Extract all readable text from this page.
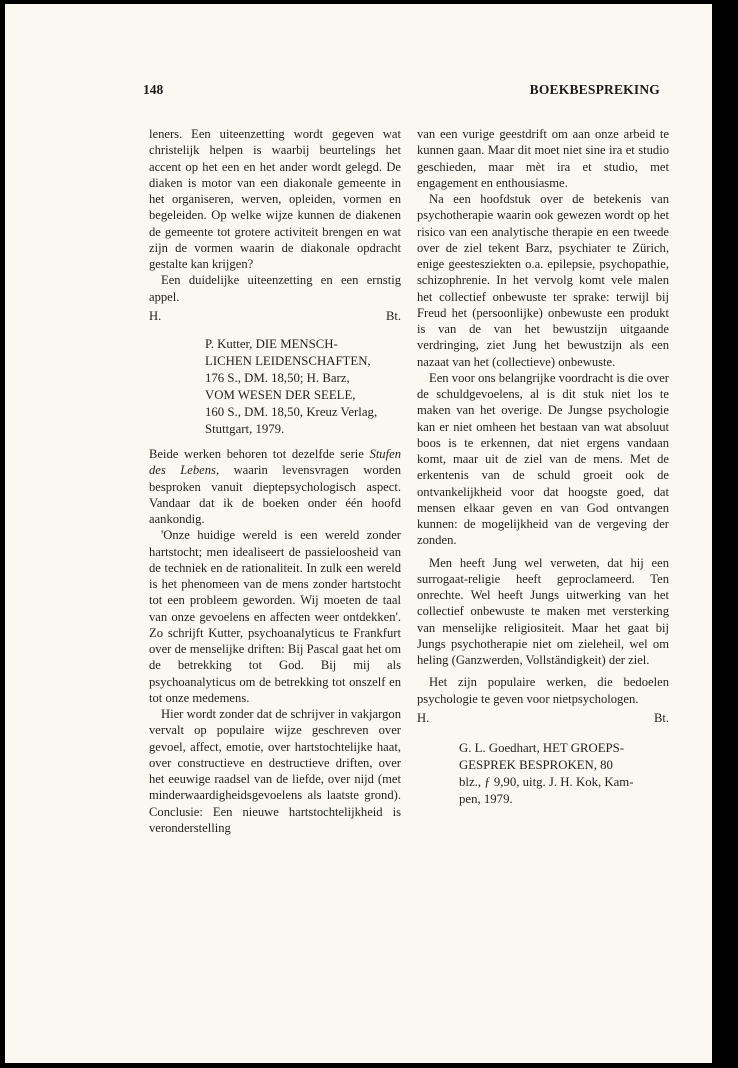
148	BOEKBESPREKING

leners. Een uiteenzetting wordt gegeven wat christelijk helpen is waarbij beurtelings het accent op het een en het ander wordt gelegd. De diaken is motor van een diakonale gemeente in het organiseren, werven, opleiden, vormen en begeleiden. Op welke wijze kunnen de diakenen de gemeente tot grotere activiteit brengen en wat zijn de vormen waarin de diakonale opdracht gestalte kan krijgen?

Een duidelijke uiteenzetting en een ernstig appel.

H.	Bt.
P. Kutter, DIE MENSCH-
LICHEN LEIDENSCHAFTEN,
176 S., DM. 18,50; H. Barz,
VOM WESEN DER SEELE,
160 S., DM. 18,50, Kreuz Verlag,
Stuttgart, 1979.

Beide werken behoren tot dezelfde serie Stufen des Lebens, waarin levensvragen worden besproken vanuit dieptepsychologisch aspect. Vandaar dat ik de boeken onder één hoofd aankondig.

'Onze huidige wereld is een wereld zonder hartstocht; men idealiseert de passieloosheid van de techniek en de rationaliteit. In zulk een wereld is het phenomeen van de mens zonder hartstocht tot een probleem geworden. Wij moeten de taal van onze gevoelens en affecten weer ontdekken'. Zo schrijft Kutter, psychoanalyticus te Frankfurt over de menselijke driften: Bij Pascal gaat het om de betrekking tot God. Bij mij als psychoanalyticus om de betrekking tot onszelf en tot onze medemens.

Hier wordt zonder dat de schrijver in vakjargon vervalt op populaire wijze geschreven over gevoel, affect, emotie, over hartstochtelijke haat, over constructieve en destructieve driften, over het eeuwige raadsel van de liefde, over nijd (met minderwaardigheidsgevoelens als laatste grond). Conclusie: Een nieuwe hartstochtelijkheid is veronderstelling

van een vurige geestdrift om aan onze arbeid te kunnen gaan. Maar dit moet niet sine ira et studio geschieden, maar mèt ira et studio, met engagement en enthousiasme.

Na een hoofdstuk over de betekenis van psychotherapie waarin ook gewezen wordt op het risico van een analytische therapie en een tweede over de ziel tekent Barz, psychiater te Zürich, enige geestesziekten o.a. epilepsie, psychopathie, schizophrenie. In het vervolg komt vele malen het collectief onbewuste ter sprake: terwijl bij Freud het (persoonlijke) onbewuste een produkt is van de van het bewustzijn uitgaande verdringing, ziet Jung het bewustzijn als een nazaat van het (collectieve) onbewuste.

Een voor ons belangrijke voordracht is die over de schuldgevoelens, al is dit stuk niet los te maken van het overige. De Jungse psychologie kan er niet omheen het bestaan van wat absoluut boos is te erkennen, dat niet ergens vandaan komt, maar uit de ziel van de mens. Met de erkentenis van de schuld groeit ook de ontvankelijkheid voor dat hoogste goed, dat mensen elkaar geven en van God ontvangen kunnen: de mogelijkheid van de vergeving der zonden.

Men heeft Jung wel verweten, dat hij een surrogaat-religie heeft geproclameerd. Ten onrechte. Wel heeft Jungs uitwerking van het collectief onbewuste te maken met versterking van menselijke religiositeit. Maar het gaat bij Jungs psychotherapie niet om zieleheil, wel om heling (Ganzwerden, Vollständigkeit) der ziel.

Het zijn populaire werken, die bedoelen psychologie te geven voor nietpsychologen.

H.	Bt.
G. L. Goedhart, HET GROEPS-
GESPREK BESPROKEN, 80
blz., ƒ 9,90, uitg. J. H. Kok, Kam-
pen, 1979.
